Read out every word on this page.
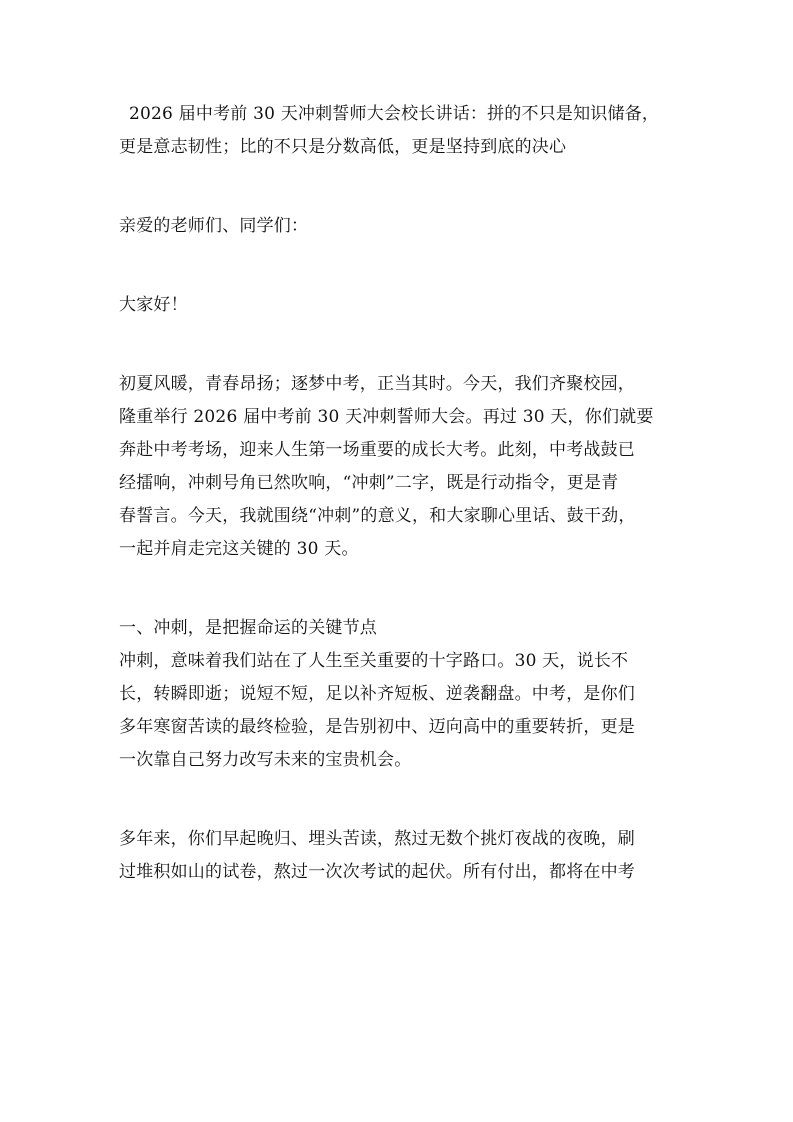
2026 届中考前 30 天冲刺誓师大会校长讲话：拼的不只是知识储备，
更是意志韧性；比的不只是分数高低，更是坚持到底的决心
亲爱的老师们、同学们：
大家好！
初夏风暖，青春昂扬；逐梦中考，正当其时。今天，我们齐聚校园，
隆重举行 2026 届中考前 30 天冲刺誓师大会。再过 30 天，你们就要
奔赴中考考场，迎来人生第一场重要的成长大考。此刻，中考战鼓已
经擂响，冲刺号角已然吹响，“冲刺”二字，既是行动指令，更是青
春誓言。今天，我就围绕“冲刺”的意义，和大家聊心里话、鼓干劲，
一起并肩走完这关键的 30 天。
一、冲刺，是把握命运的关键节点
冲刺，意味着我们站在了人生至关重要的十字路口。30 天，说长不
长，转瞬即逝；说短不短，足以补齐短板、逆袭翻盘。中考，是你们
多年寒窗苦读的最终检验，是告别初中、迈向高中的重要转折，更是
一次靠自己努力改写未来的宝贵机会。
多年来，你们早起晚归、埋头苦读，熬过无数个挑灯夜战的夜晚，刷
过堆积如山的试卷，熬过一次次考试的起伏。所有付出，都将在中考
